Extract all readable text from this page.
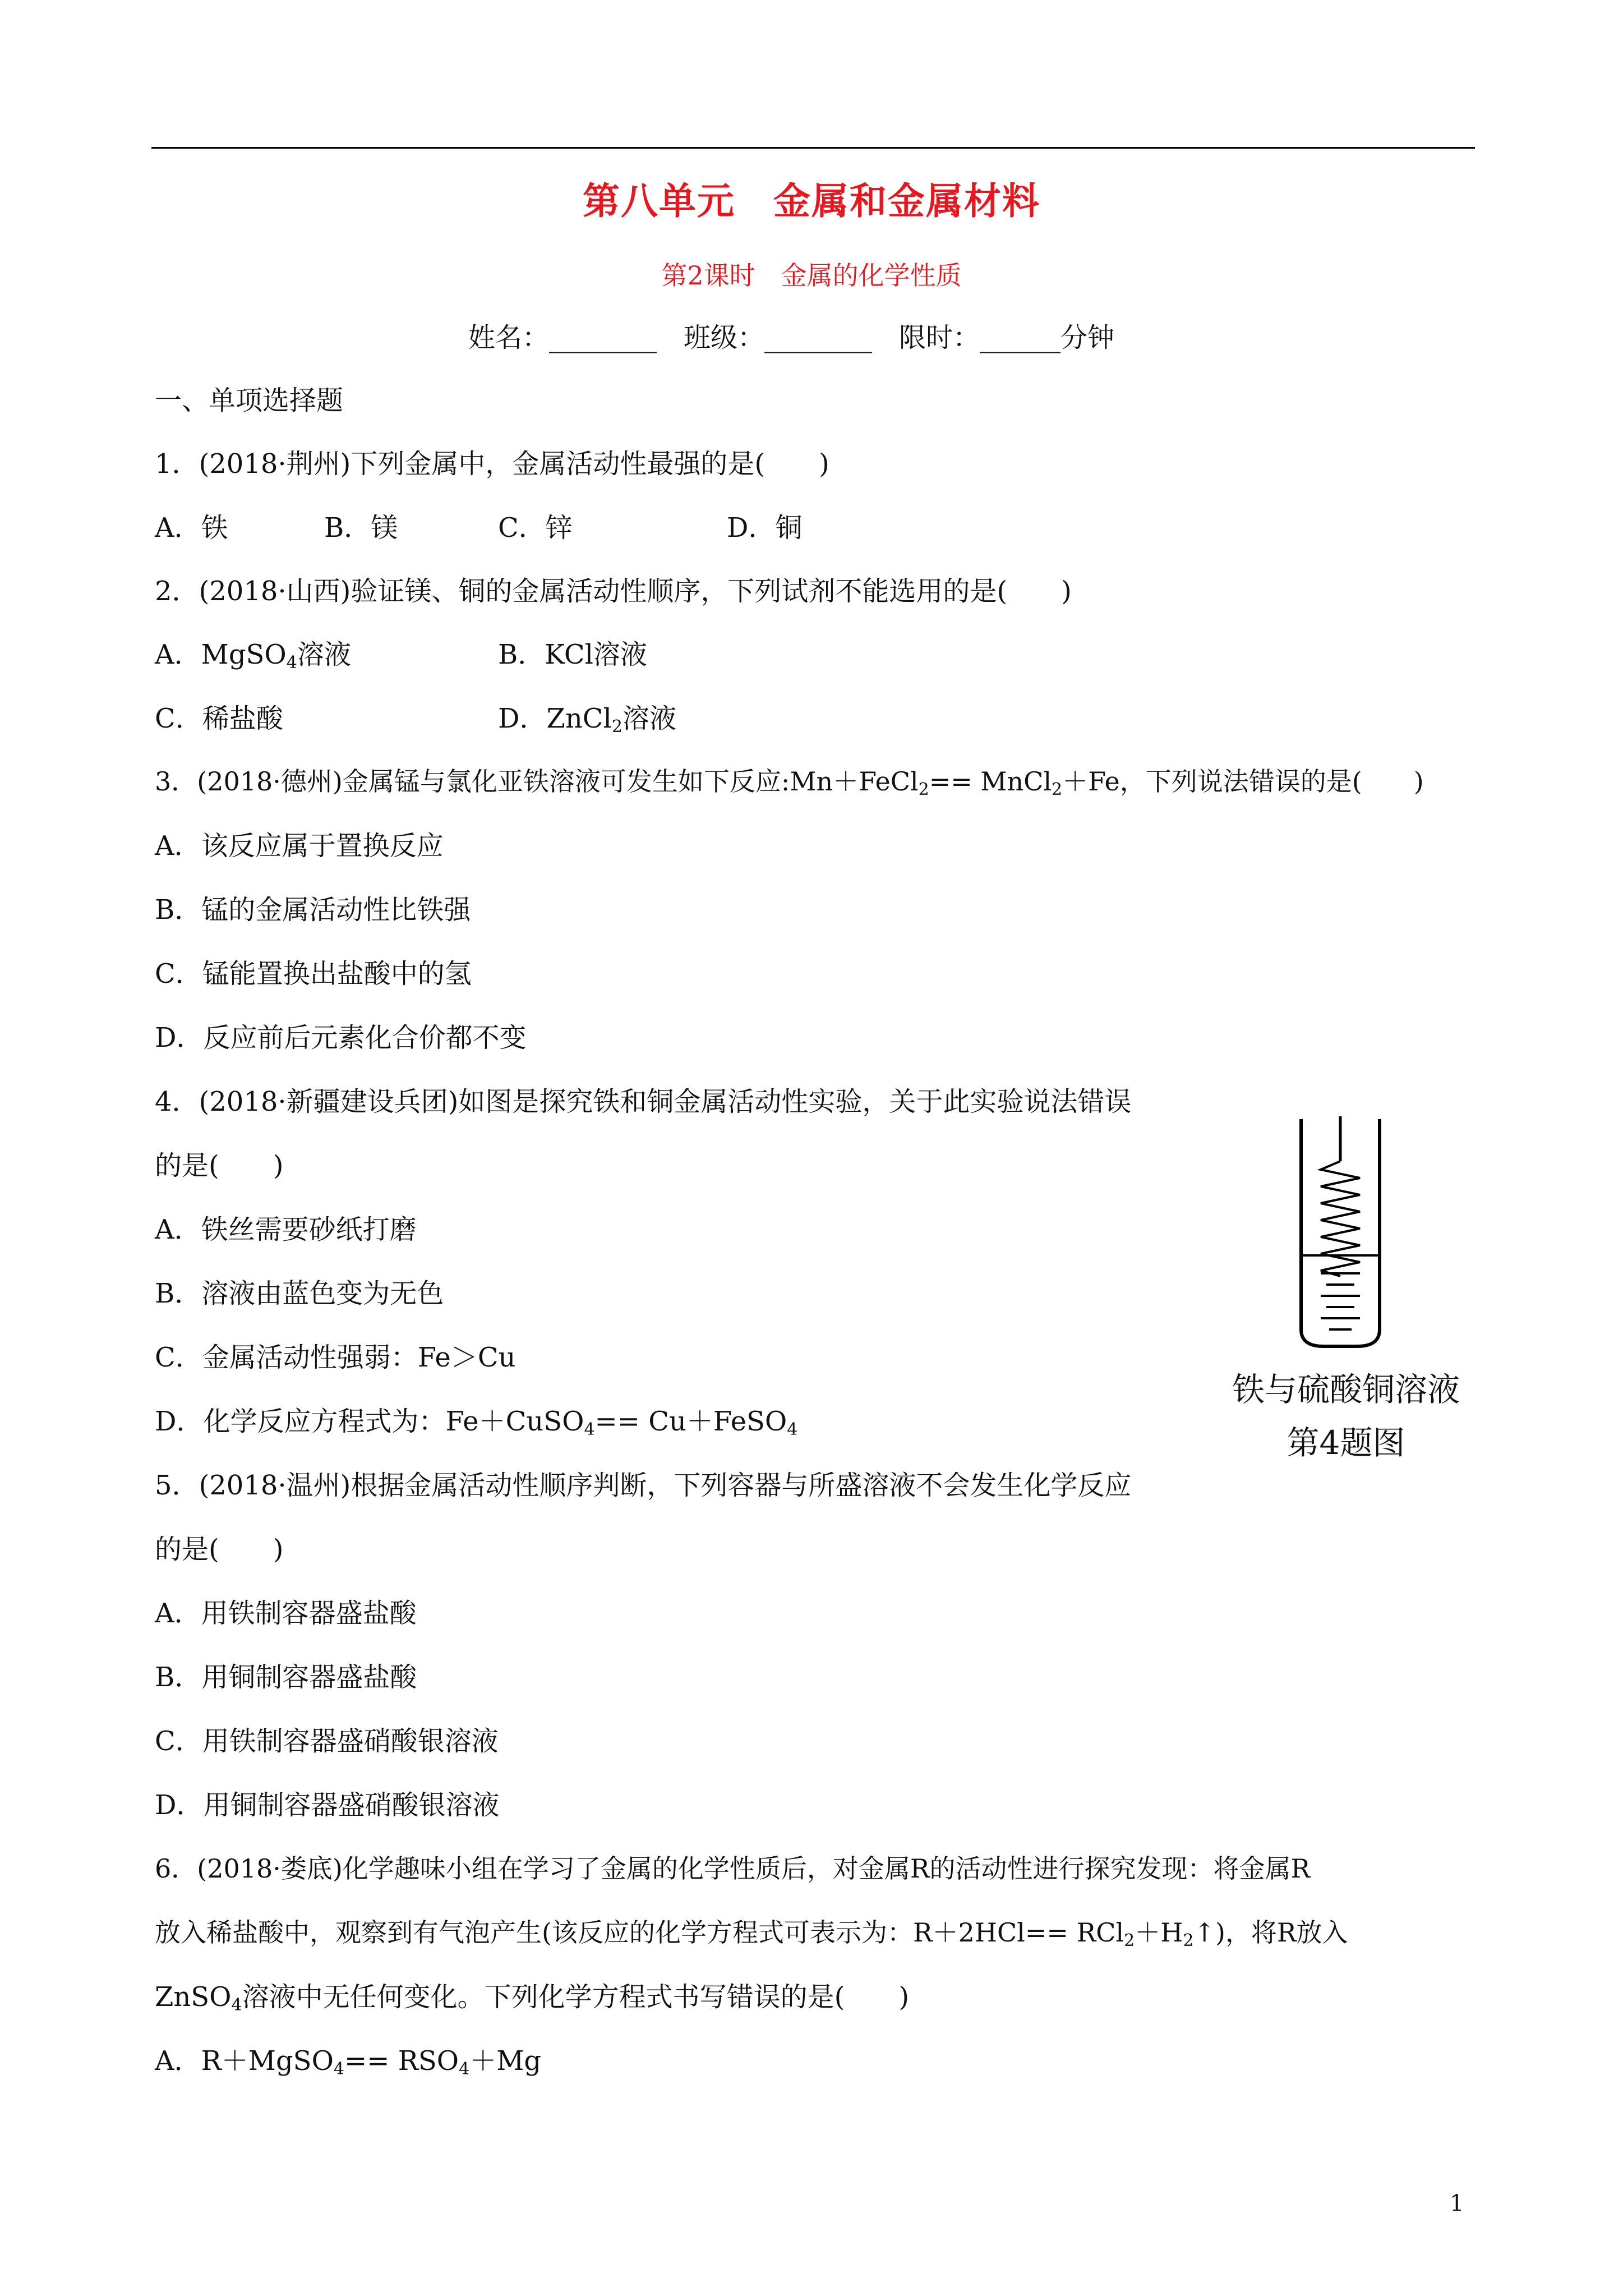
第八单元　金属和金属材料
第2课时　金属的化学性质
姓名：________　班级：________　限时：______分钟
一、单项选择题
1．(2018·荆州)下列金属中，金属活动性最强的是(　　)
A．铁	B．镁	C．锌	D．铜
2．(2018·山西)验证镁、铜的金属活动性顺序，下列试剂不能选用的是(　　)
A．MgSO$_4$溶液	B．KCl溶液
C．稀盐酸	D．ZnCl$_2$溶液
3．(2018·德州)金属锰与氯化亚铁溶液可发生如下反应:Mn＋FeCl$_2$== MnCl$_2$＋Fe，下列说法错误的是(　　)
A．该反应属于置换反应
B．锰的金属活动性比铁强
C．锰能置换出盐酸中的氢
D．反应前后元素化合价都不变
4．(2018·新疆建设兵团)如图是探究铁和铜金属活动性实验，关于此实验说法错误
的是(　　)
A．铁丝需要砂纸打磨
B．溶液由蓝色变为无色
C．金属活动性强弱：Fe＞Cu
D．化学反应方程式为：Fe＋CuSO$_4$== Cu＋FeSO$_4$
铁与硫酸铜溶液
第4题图
5．(2018·温州)根据金属活动性顺序判断，下列容器与所盛溶液不会发生化学反应
的是(　　)
A．用铁制容器盛盐酸
B．用铜制容器盛盐酸
C．用铁制容器盛硝酸银溶液
D．用铜制容器盛硝酸银溶液
6．(2018·娄底)化学趣味小组在学习了金属的化学性质后，对金属R的活动性进行探究发现：将金属R
放入稀盐酸中，观察到有气泡产生(该反应的化学方程式可表示为：$R+2HCl== RCl_2+H_2↑$)，将R放入
ZnSO$_4$溶液中无任何变化。下列化学方程式书写错误的是(　　)
A．R＋MgSO$_4$== $RSO_4+Mg$
1
